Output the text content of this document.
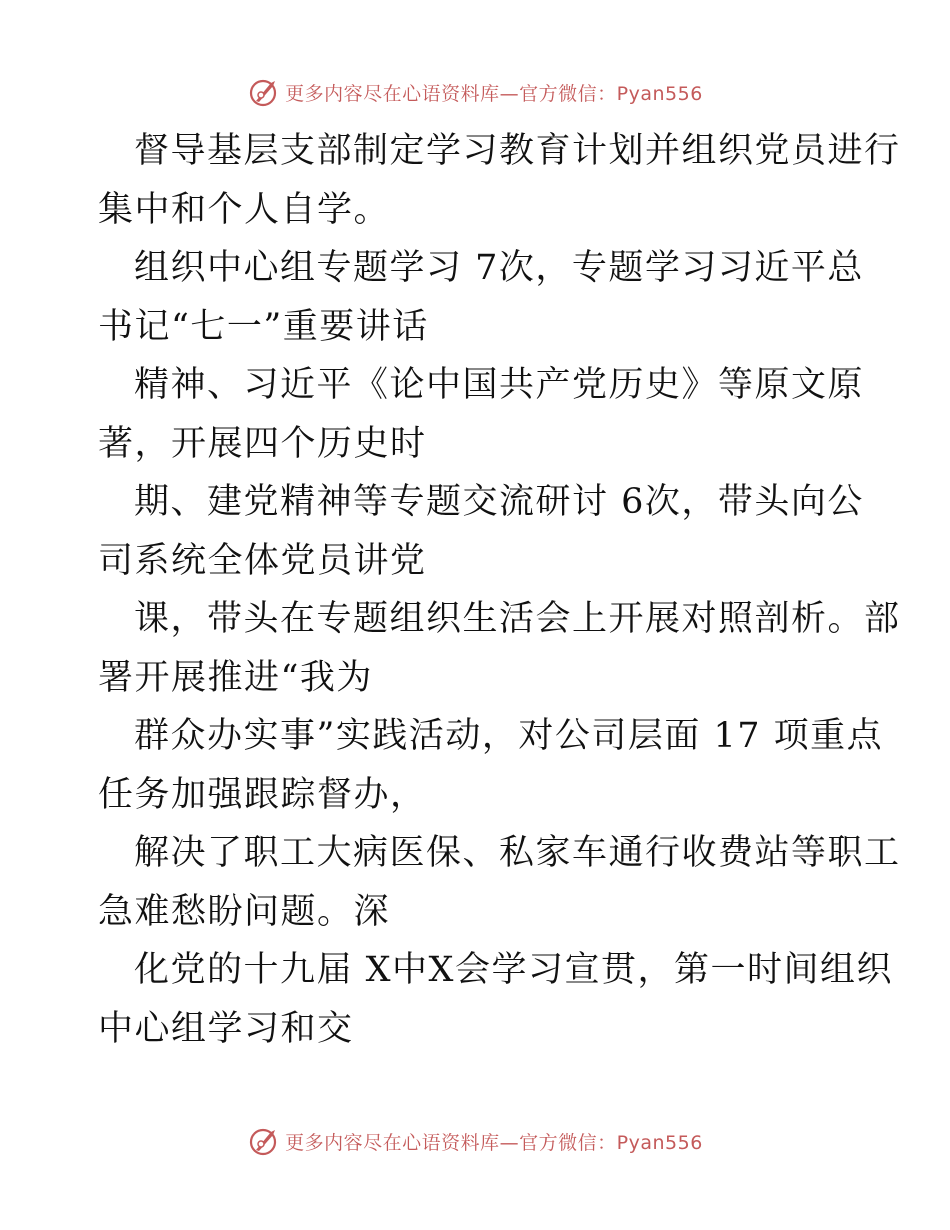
更多内容尽在心语资料库—官方微信：Pyan556
督导基层支部制定学习教育计划并组织党员进行
集中和个人自学。
组织中心组专题学习 7次，专题学习习近平总
书记“七一”重要讲话
精神、习近平《论中国共产党历史》等原文原
著，开展四个历史时
期、建党精神等专题交流研讨 6次，带头向公
司系统全体党员讲党
课，带头在专题组织生活会上开展对照剖析。部
署开展推进“我为
群众办实事”实践活动，对公司层面 17 项重点
任务加强跟踪督办，
解决了职工大病医保、私家车通行收费站等职工
急难愁盼问题。深
化党的十九届 X中X会学习宣贯，第一时间组织
中心组学习和交
更多内容尽在心语资料库—官方微信：Pyan556
